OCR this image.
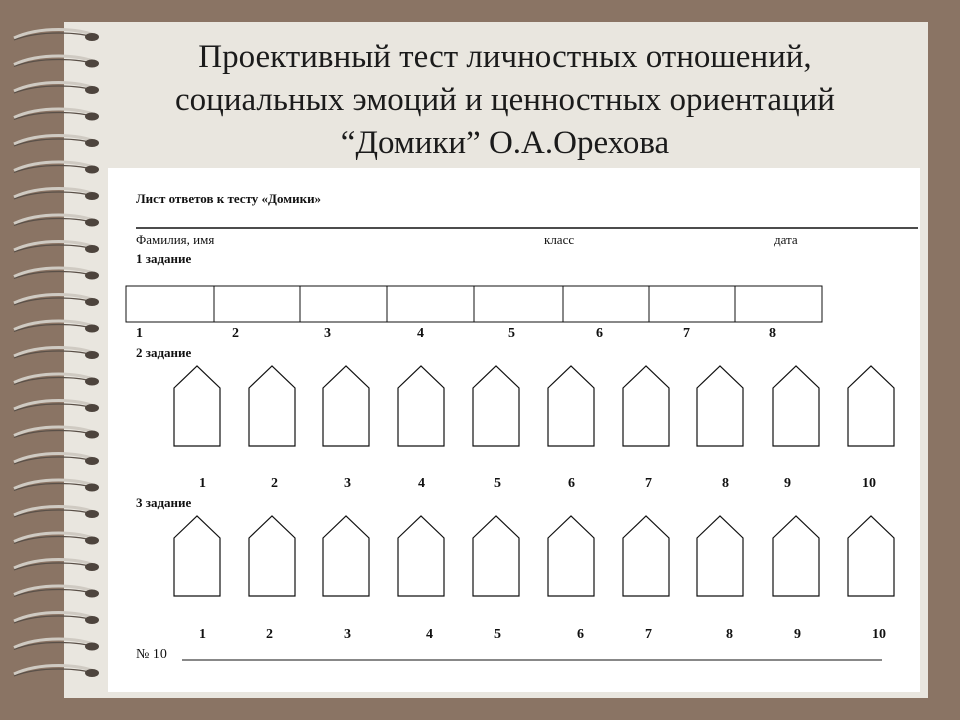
Проективный тест личностных отношений,
социальных эмоций и ценностных ориентаций
“Домики” О.А.Орехова
Лист ответов к тесту «Домики»
Фамилия, имя	класс	дата
1 задание
1	2	3	4	5	6	7	8
2 задание
1	2	3	4	5	6	7	8	9	10
3 задание
1	2	3	4	5	6	7	8	9	10
№ 10
